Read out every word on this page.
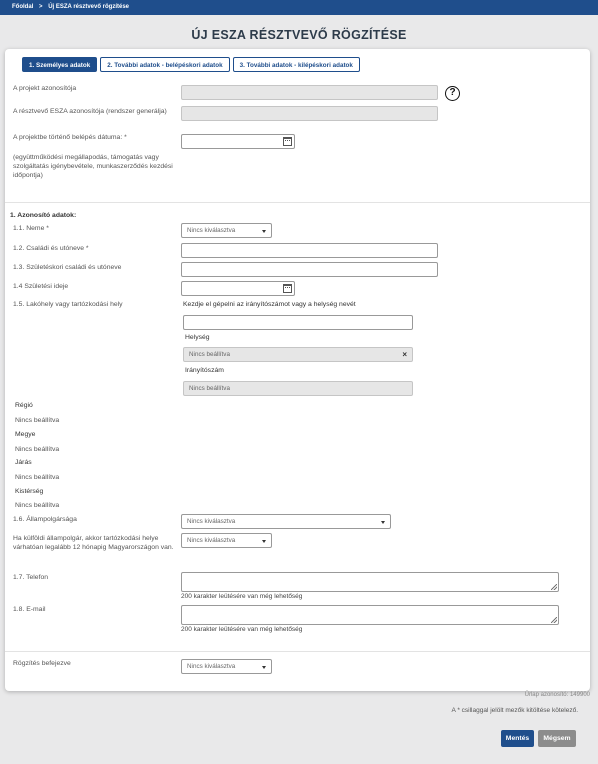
Főoldal > Új ESZA résztvevő rögzítése
ÚJ ESZA RÉSZTVEVŐ RÖGZÍTÉSE
1. Személyes adatok	2. További adatok - belépéskori adatok	3. További adatok - kilépéskori adatok
A projekt azonosítója	?
A résztvevő ESZA azonosítója (rendszer generálja)
A projektbe történő belépés dátuma: *
(együttműködési megállapodás, támogatás vagy szolgáltatás igénybevétele, munkaszerződés kezdési időpontja)
1. Azonosító adatok:
1.1. Neme *	Nincs kiválasztva
1.2. Családi és utóneve *
1.3. Születéskori családi és utóneve
1.4 Születési ideje
1.5. Lakóhely vagy tartózkodási hely	Kezdje el gépelni az irányítószámot vagy a helység nevét
Helység
Nincs beállítva	×
Irányítószám
Nincs beállítva
Régió
Nincs beállítva
Megye
Nincs beállítva
Járás
Nincs beállítva
Kistérség
Nincs beállítva
1.6. Állampolgársága	Nincs kiválasztva
Ha külföldi állampolgár, akkor tartózkodási helye várhatóan legalább 12 hónapig Magyarországon van.
Nincs kiválasztva
1.7. Telefon
200 karakter leütésére van még lehetőség
1.8. E-mail
200 karakter leütésére van még lehetőség
Rögzítés befejezve	Nincs kiválasztva
Űrlap azonosító: 149900
A * csillaggal jelölt mezők kitöltése kötelező.
Mentés	Mégsem
